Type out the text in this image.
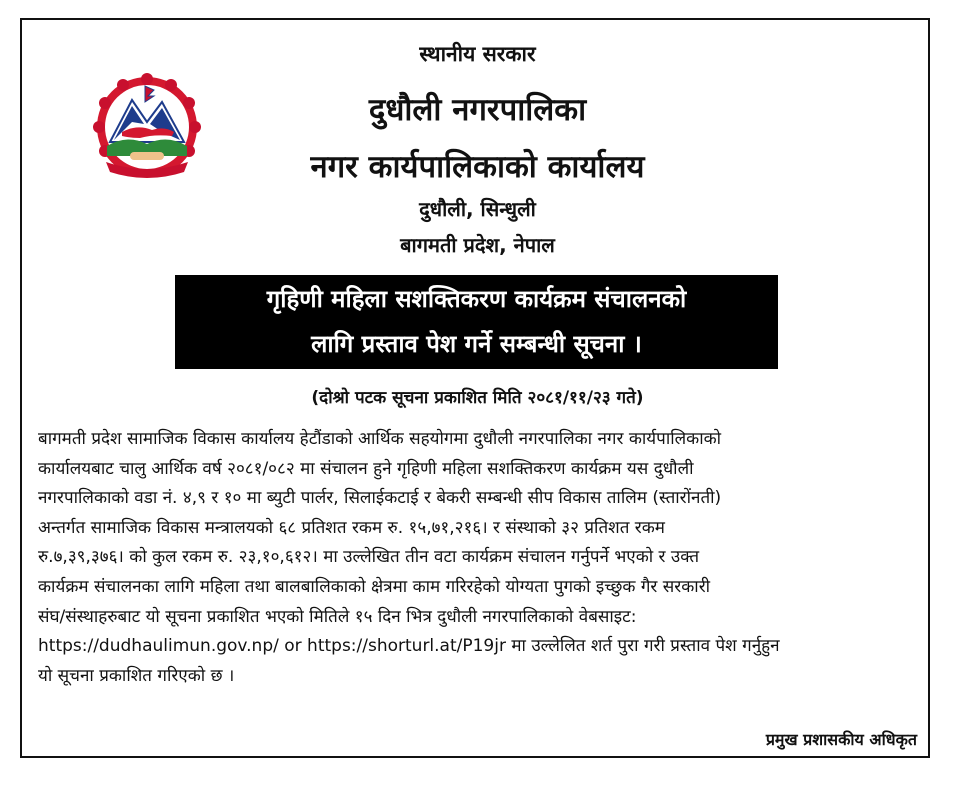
स्थानीय सरकार
दुधौली नगरपालिका
नगर कार्यपालिकाको कार्यालय
दुधौली, सिन्धुली
बागमती प्रदेश, नेपाल
गृहिणी महिला सशक्तिकरण कार्यक्रम संचालनको
लागि प्रस्ताव पेश गर्ने सम्बन्धी सूचना ।
(दोश्रो पटक सूचना प्रकाशित मिति २०८१/११/२३ गते)
बागमती प्रदेश सामाजिक विकास कार्यालय हेटौंडाको आर्थिक सहयोगमा दुधौली नगरपालिका नगर कार्यपालिकाको
कार्यालयबाट चालु आर्थिक वर्ष २०८१/०८२ मा संचालन हुने गृहिणी महिला सशक्तिकरण कार्यक्रम यस दुधौली
नगरपालिकाको वडा नं. ४,९ र १० मा ब्युटी पार्लर, सिलाईकटाई र बेकरी सम्बन्धी सीप विकास तालिम (स्तारोंनती)
अन्तर्गत सामाजिक विकास मन्त्रालयको ६८ प्रतिशत रकम रु. १५,७१,२१६। र संस्थाको ३२ प्रतिशत रकम
रु.७,३९,३७६। को कुल रकम रु. २३,१०,६१२। मा उल्लेखित तीन वटा कार्यक्रम संचालन गर्नुपर्ने भएको र उक्त
कार्यक्रम संचालनका लागि महिला तथा बालबालिकाको क्षेत्रमा काम गरिरहेको योग्यता पुगको इच्छुक गैर सरकारी
संघ/संस्थाहरुबाट यो सूचना प्रकाशित भएको मितिले १५ दिन भित्र दुधौली नगरपालिकाको वेबसाइट:
https://dudhaulimun.gov.np/ or https://shorturl.at/P19jr मा उल्लेलित शर्त पुरा गरी प्रस्ताव पेश गर्नुहुन
यो सूचना प्रकाशित गरिएको छ ।
प्रमुख प्रशासकीय अधिकृत
